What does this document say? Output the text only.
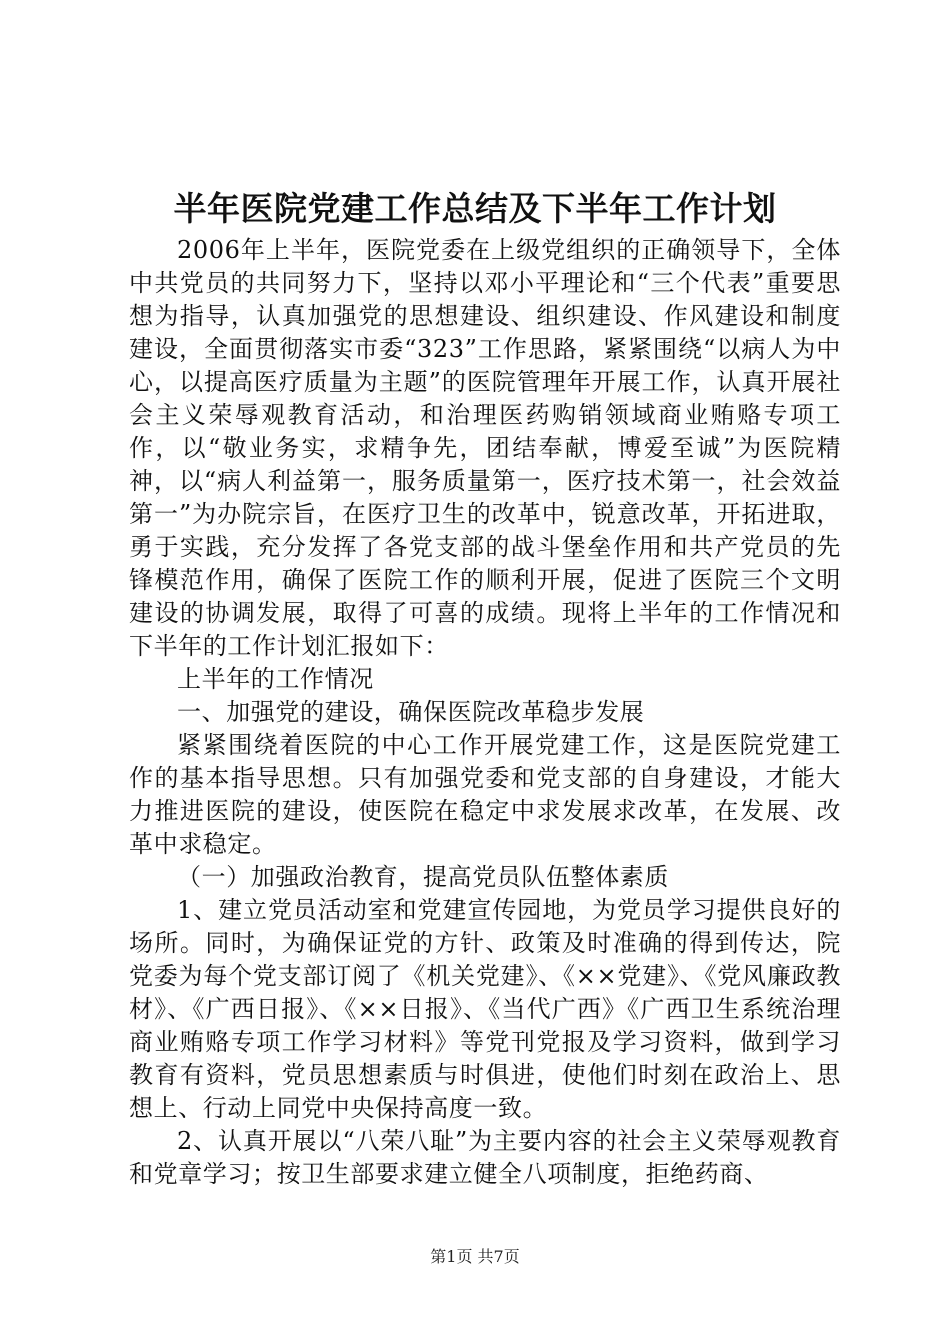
半年医院党建工作总结及下半年工作计划

2006年上半年，医院党委在上级党组织的正确领导下，全体中共党员的共同努力下，坚持以邓小平理论和“三个代表”重要思想为指导，认真加强党的思想建设、组织建设、作风建设和制度建设，全面贯彻落实市委“323”工作思路，紧紧围绕“以病人为中心，以提高医疗质量为主题”的医院管理年开展工作，认真开展社会主义荣辱观教育活动，和治理医药购销领域商业贿赂专项工作，以“敬业务实，求精争先，团结奉献，博爱至诚”为医院精神，以“病人利益第一，服务质量第一，医疗技术第一，社会效益第一”为办院宗旨，在医疗卫生的改革中，锐意改革，开拓进取，勇于实践，充分发挥了各党支部的战斗堡垒作用和共产党员的先锋模范作用，确保了医院工作的顺利开展，促进了医院三个文明建设的协调发展，取得了可喜的成绩。现将上半年的工作情况和下半年的工作计划汇报如下：

上半年的工作情况

一、加强党的建设，确保医院改革稳步发展

紧紧围绕着医院的中心工作开展党建工作，这是医院党建工作的基本指导思想。只有加强党委和党支部的自身建设，才能大力推进医院的建设，使医院在稳定中求发展求改革，在发展、改革中求稳定。

（一）加强政治教育，提高党员队伍整体素质

1、建立党员活动室和党建宣传园地，为党员学习提供良好的场所。同时，为确保证党的方针、政策及时准确的得到传达，院党委为每个党支部订阅了《机关党建》、《××党建》、《党风廉政教材》、《广西日报》、《××日报》、《当代广西》《广西卫生系统治理商业贿赂专项工作学习材料》等党刊党报及学习资料，做到学习教育有资料，党员思想素质与时俱进，使他们时刻在政治上、思想上、行动上同党中央保持高度一致。

2、认真开展以“八荣八耻”为主要内容的社会主义荣辱观教育和党章学习；按卫生部要求建立健全八项制度，拒绝药商、

第1页 共7页
